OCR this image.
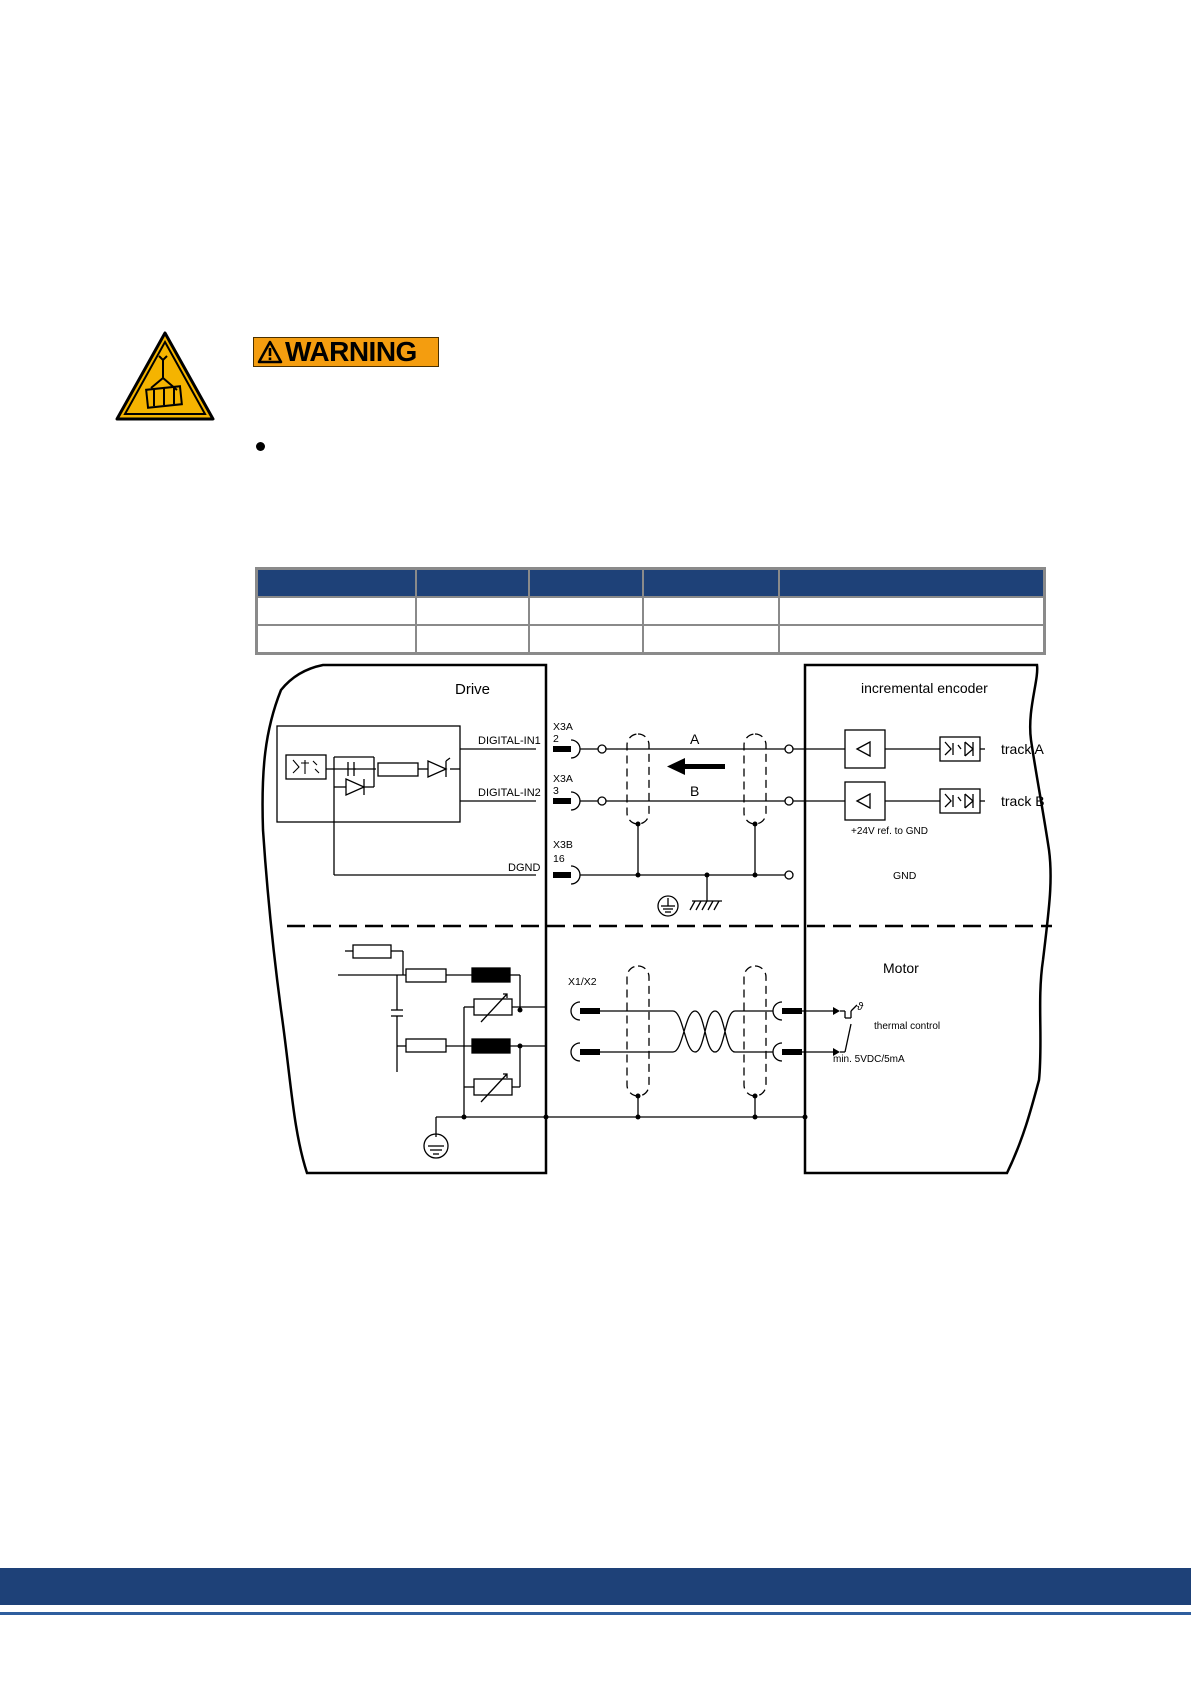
WARNING

Drive	incremental encoder
Motor
DIGITAL-IN1
DIGITAL-IN2
DGND
X3A
2
X3A
3
X3B
16
A
B
track A
track B
+24V ref. to GND
GND
X1/X2
ϑ
thermal control
min. 5VDC/5mA
